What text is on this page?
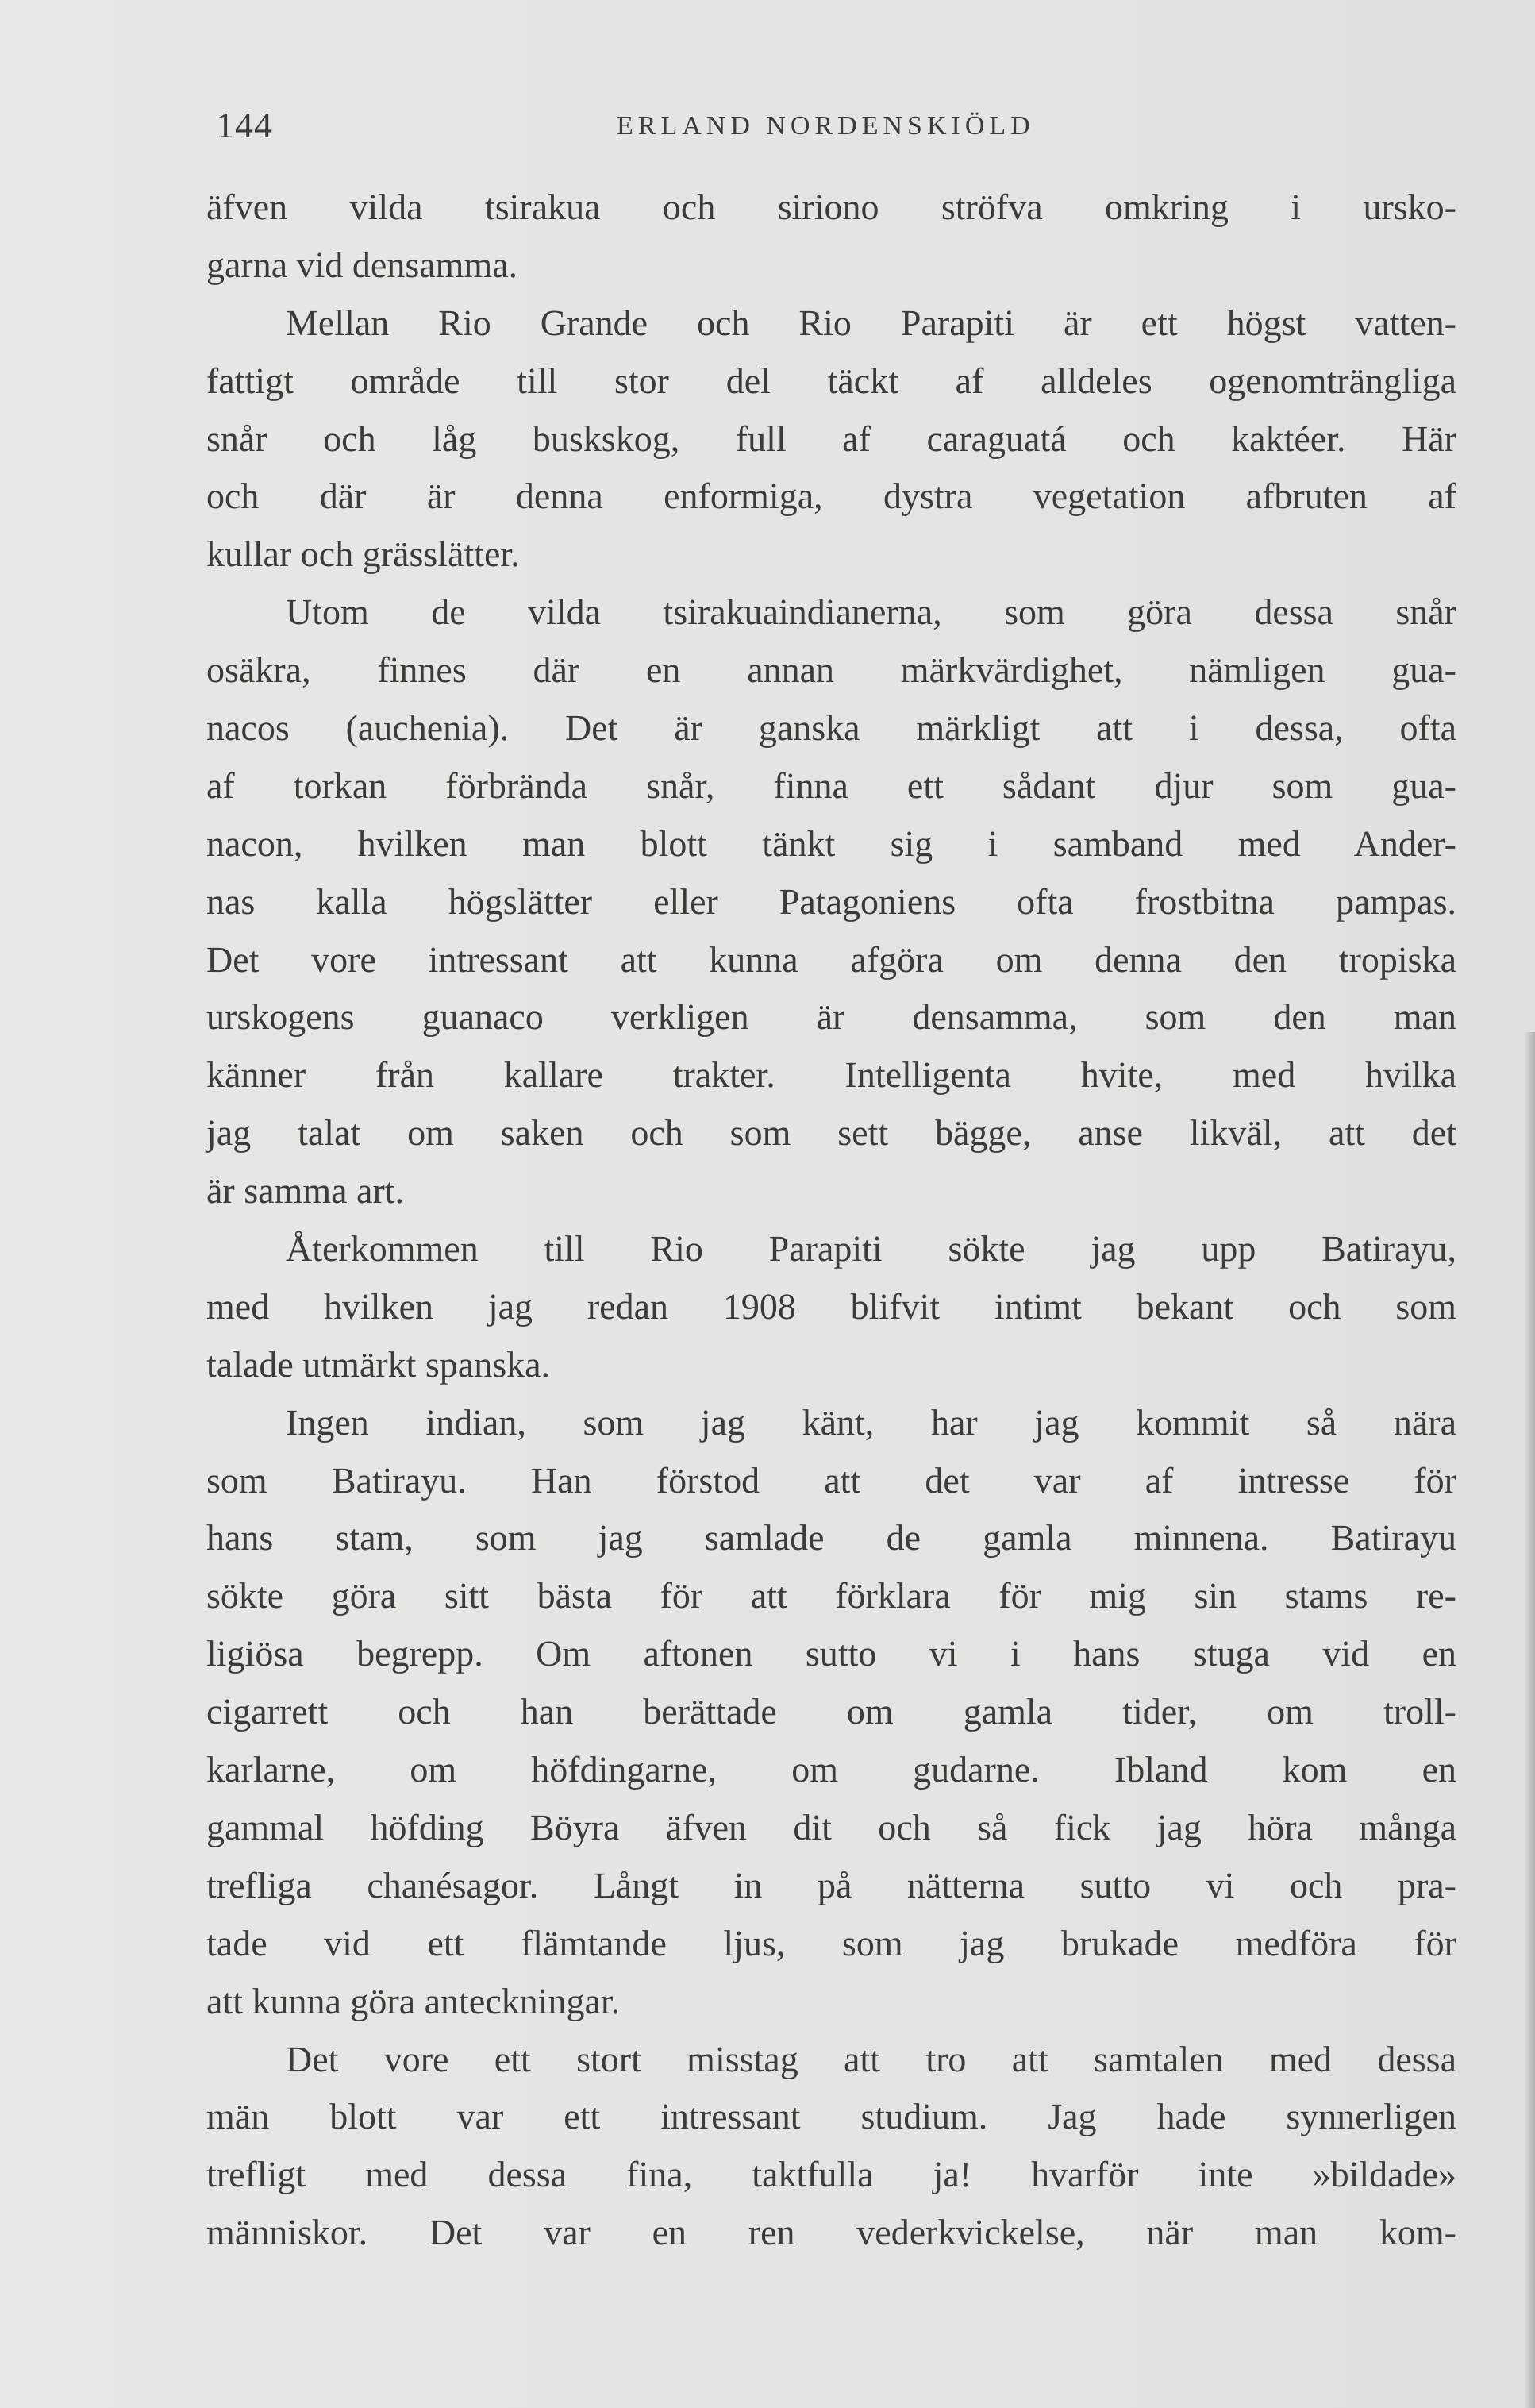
144	ERLAND NORDENSKIÖLD
äfven vilda tsirakua och siriono ströfva omkring i ursko-
garna vid densamma.
Mellan Rio Grande och Rio Parapiti är ett högst vatten-
fattigt område till stor del täckt af alldeles ogenomträngliga
snår och låg buskskog, full af caraguatá och kaktéer. Här
och där är denna enformiga, dystra vegetation afbruten af
kullar och grässlätter.
Utom de vilda tsirakuaindianerna, som göra dessa snår
osäkra, finnes där en annan märkvärdighet, nämligen gua-
nacos (auchenia). Det är ganska märkligt att i dessa, ofta
af torkan förbrända snår, finna ett sådant djur som gua-
nacon, hvilken man blott tänkt sig i samband med Ander-
nas kalla högslätter eller Patagoniens ofta frostbitna pampas.
Det vore intressant att kunna afgöra om denna den tropiska
urskogens guanaco verkligen är densamma, som den man
känner från kallare trakter. Intelligenta hvite, med hvilka
jag talat om saken och som sett bägge, anse likväl, att det
är samma art.
Återkommen till Rio Parapiti sökte jag upp Batirayu,
med hvilken jag redan 1908 blifvit intimt bekant och som
talade utmärkt spanska.
Ingen indian, som jag känt, har jag kommit så nära
som Batirayu. Han förstod att det var af intresse för
hans stam, som jag samlade de gamla minnena. Batirayu
sökte göra sitt bästa för att förklara för mig sin stams re-
ligiösa begrepp. Om aftonen sutto vi i hans stuga vid en
cigarrett och han berättade om gamla tider, om troll-
karlarne, om höfdingarne, om gudarne. Ibland kom en
gammal höfding Böyra äfven dit och så fick jag höra många
trefliga chanésagor. Långt in på nätterna sutto vi och pra-
tade vid ett flämtande ljus, som jag brukade medföra för
att kunna göra anteckningar.
Det vore ett stort misstag att tro att samtalen med dessa
män blott var ett intressant studium. Jag hade synnerligen
trefligt med dessa fina, taktfulla ja! hvarför inte »bildade»
människor. Det var en ren vederkvickelse, när man kom-
